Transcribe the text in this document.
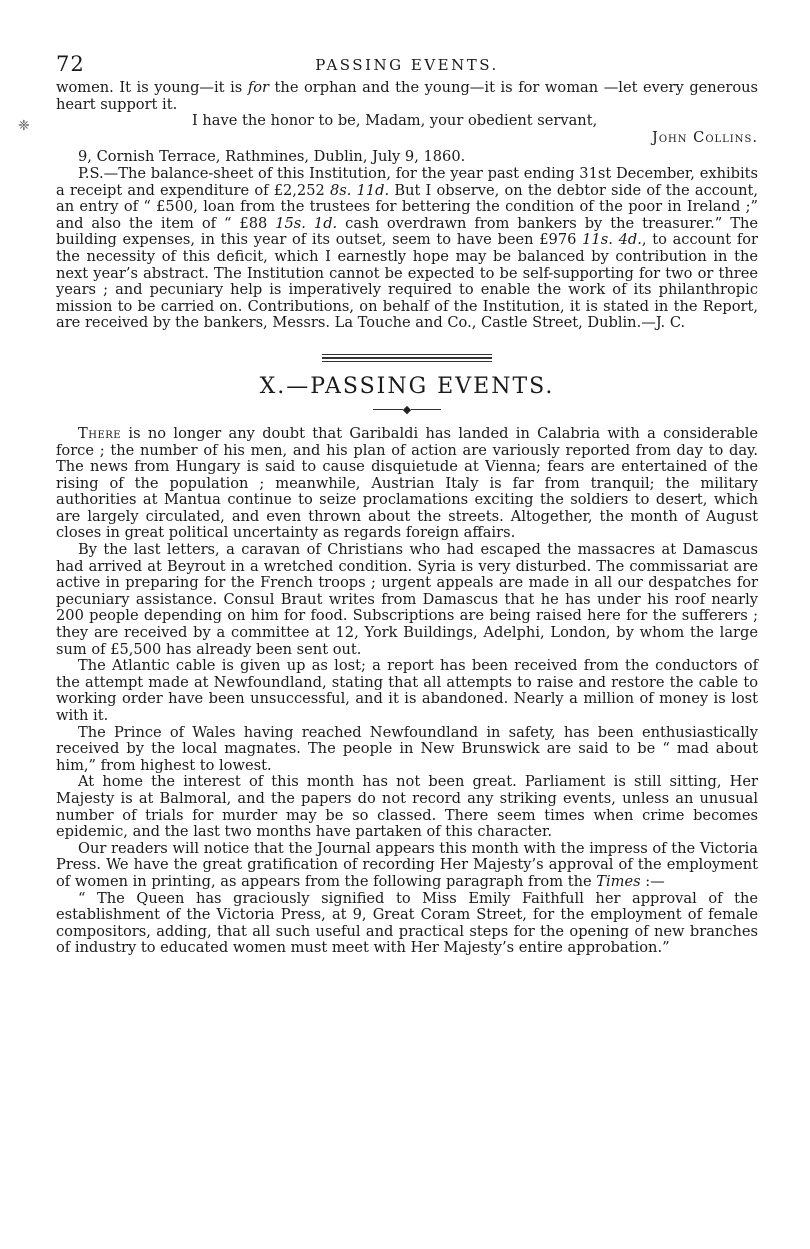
❈
72	PASSING EVENTS.

women. It is young—it is for the orphan and the young—it is for woman —let every generous heart support it.

I have the honor to be, Madam, your obedient servant,

John Collins.

9, Cornish Terrace, Rathmines, Dublin, July 9, 1860.

P.S.—The balance-sheet of this Institution, for the year past ending 31st December, exhibits a receipt and expenditure of £2,252 8s. 11d. But I observe, on the debtor side of the account, an entry of “ £500, loan from the trustees for bettering the condition of the poor in Ireland ;” and also the item of “ £88 15s. 1d. cash overdrawn from bankers by the treasurer.” The building expenses, in this year of its outset, seem to have been £976 11s. 4d., to account for the necessity of this deficit, which I earnestly hope may be balanced by contribution in the next year’s abstract. The Institution cannot be expected to be self-supporting for two or three years ; and pecuniary help is imperatively required to enable the work of its philanthropic mission to be carried on. Contributions, on behalf of the Institution, it is stated in the Report, are received by the bankers, Messrs. La Touche and Co., Castle Street, Dublin.—J. C.

X.—PASSING EVENTS.
◆

There is no longer any doubt that Garibaldi has landed in Calabria with a considerable force ; the number of his men, and his plan of action are variously reported from day to day. The news from Hungary is said to cause disquietude at Vienna; fears are entertained of the rising of the population ; meanwhile, Austrian Italy is far from tranquil; the military authorities at Mantua continue to seize proclamations exciting the soldiers to desert, which are largely circulated, and even thrown about the streets. Altogether, the month of August closes in great political uncertainty as regards foreign affairs.

By the last letters, a caravan of Christians who had escaped the massacres at Damascus had arrived at Beyrout in a wretched condition. Syria is very disturbed. The commissariat are active in preparing for the French troops ; urgent appeals are made in all our despatches for pecuniary assistance. Consul Braut writes from Damascus that he has under his roof nearly 200 people depending on him for food. Subscriptions are being raised here for the sufferers ; they are received by a committee at 12, York Buildings, Adelphi, London, by whom the large sum of £5,500 has already been sent out.

The Atlantic cable is given up as lost; a report has been received from the conductors of the attempt made at Newfoundland, stating that all attempts to raise and restore the cable to working order have been unsuccessful, and it is abandoned. Nearly a million of money is lost with it.

The Prince of Wales having reached Newfoundland in safety, has been enthusiastically received by the local magnates. The people in New Brunswick are said to be “ mad about him,” from highest to lowest.

At home the interest of this month has not been great. Parliament is still sitting, Her Majesty is at Balmoral, and the papers do not record any striking events, unless an unusual number of trials for murder may be so classed. There seem times when crime becomes epidemic, and the last two months have partaken of this character.

Our readers will notice that the Journal appears this month with the impress of the Victoria Press. We have the great gratification of recording Her Majesty’s approval of the employment of women in printing, as appears from the following paragraph from the Times :—

“ The Queen has graciously signified to Miss Emily Faithfull her approval of the establishment of the Victoria Press, at 9, Great Coram Street, for the employment of female compositors, adding, that all such useful and practical steps for the opening of new branches of industry to educated women must meet with Her Majesty’s entire approbation.”
